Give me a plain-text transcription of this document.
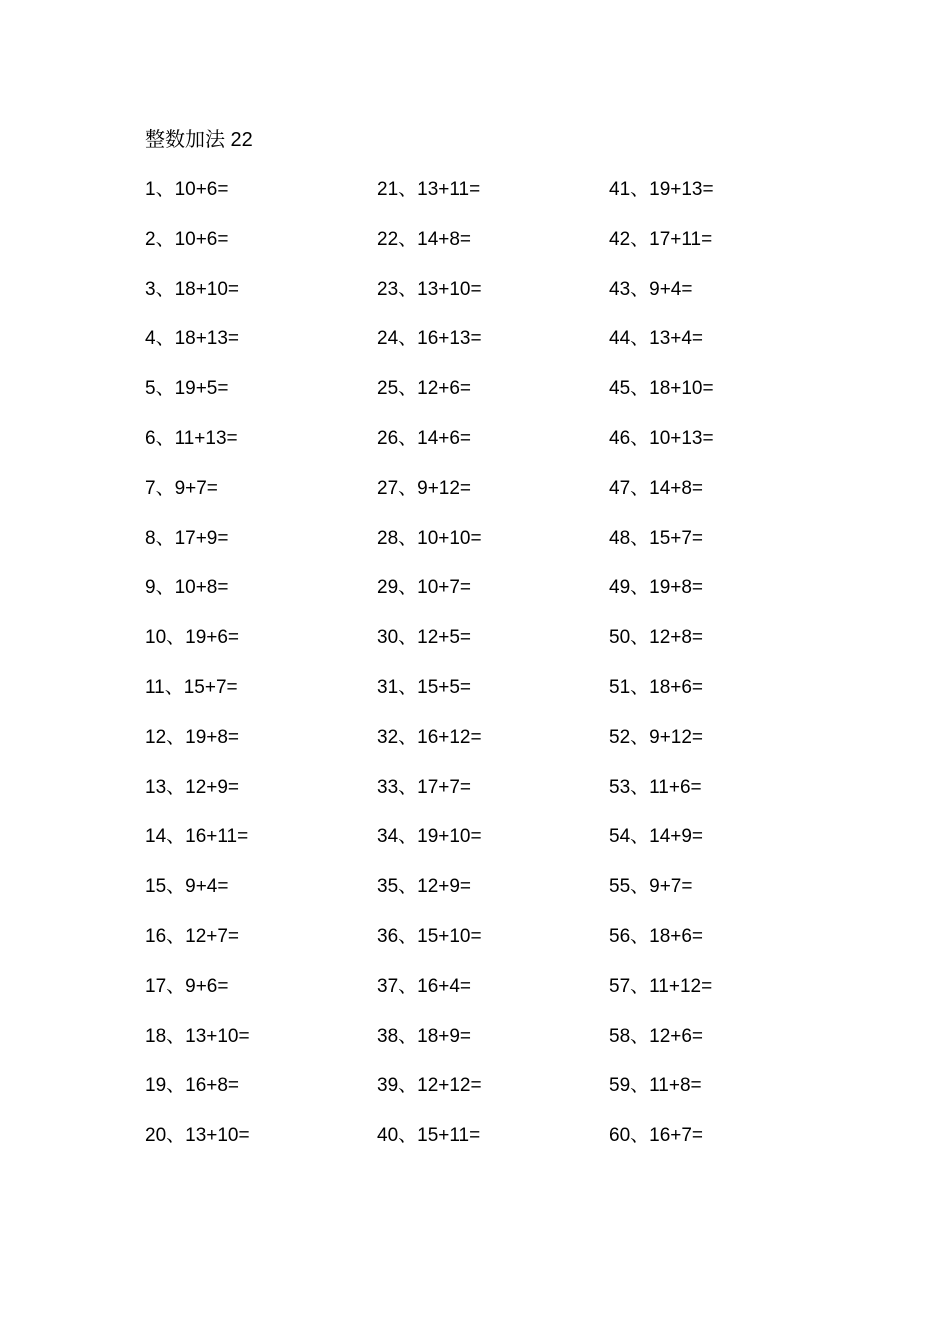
整数加法 22
1、10+6=
2、10+6=
3、18+10=
4、18+13=
5、19+5=
6、11+13=
7、9+7=
8、17+9=
9、10+8=
10、19+6=
11、15+7=
12、19+8=
13、12+9=
14、16+11=
15、9+4=
16、12+7=
17、9+6=
18、13+10=
19、16+8=
20、13+10=
21、13+11=
22、14+8=
23、13+10=
24、16+13=
25、12+6=
26、14+6=
27、9+12=
28、10+10=
29、10+7=
30、12+5=
31、15+5=
32、16+12=
33、17+7=
34、19+10=
35、12+9=
36、15+10=
37、16+4=
38、18+9=
39、12+12=
40、15+11=
41、19+13=
42、17+11=
43、9+4=
44、13+4=
45、18+10=
46、10+13=
47、14+8=
48、15+7=
49、19+8=
50、12+8=
51、18+6=
52、9+12=
53、11+6=
54、14+9=
55、9+7=
56、18+6=
57、11+12=
58、12+6=
59、11+8=
60、16+7=
